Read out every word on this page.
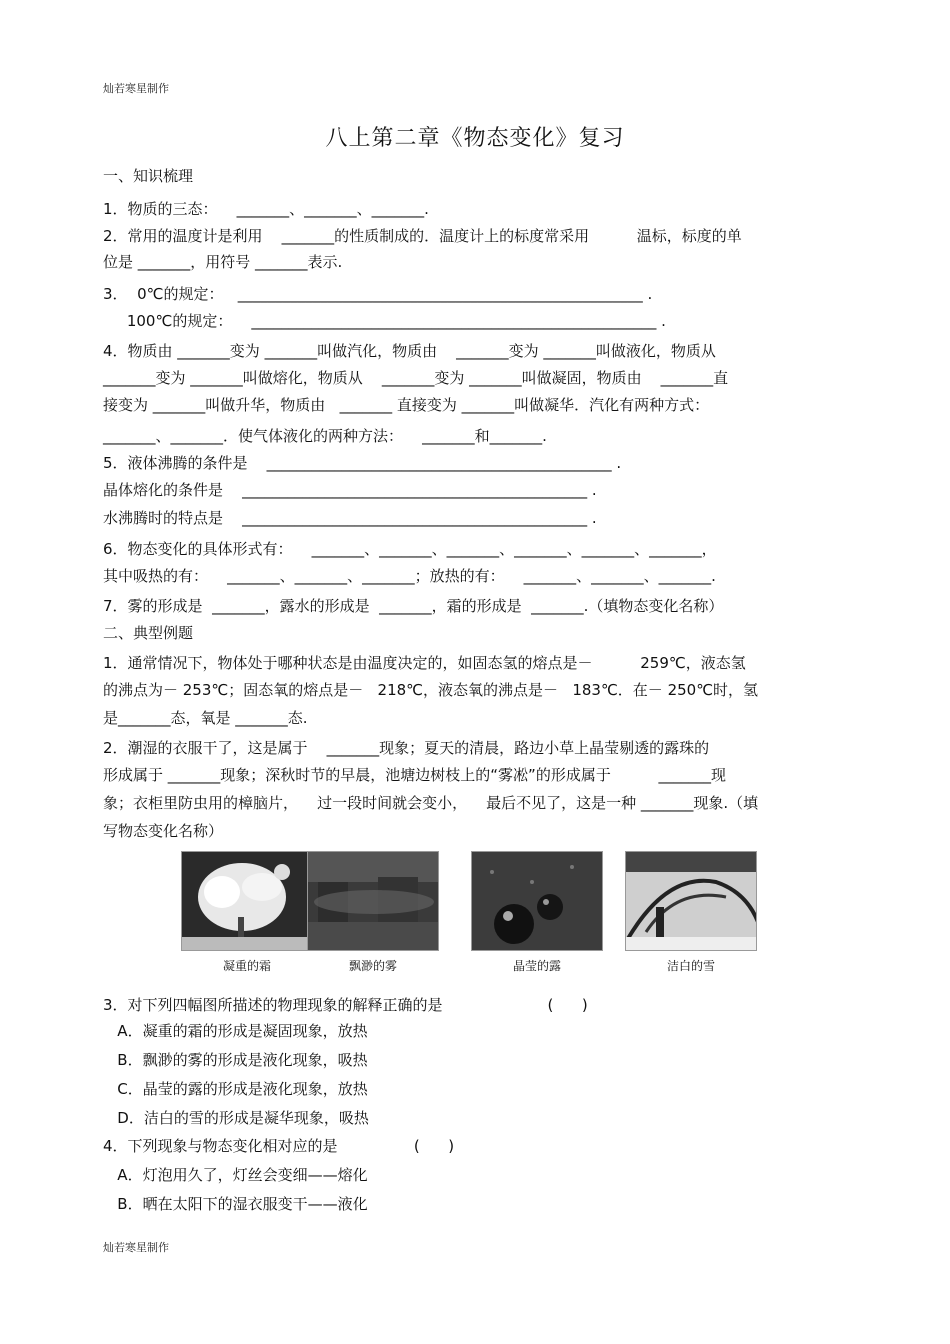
灿若寒星制作
八上第二章《物态变化》复习
一、知识梳理
1．物质的三态：    _______、_______、_______.
2．常用的温度计是利用    _______的性质制成的．温度计上的标度常采用          温标，标度的单
位是 _______，用符号 _______表示.
3．  0℃的规定：   ______________________________________________________ .
100℃的规定：    ______________________________________________________ .
4．物质由 _______变为 _______叫做汽化，物质由    _______变为 _______叫做液化，物质从
_______变为 _______叫做熔化，物质从    _______变为 _______叫做凝固，物质由    _______直
接变为 _______叫做升华，物质由   _______ 直接变为 _______叫做凝华．汽化有两种方式：
_______、_______．使气体液化的两种方法：    _______和_______.
5．液体沸腾的条件是    ______________________________________________ .
晶体熔化的条件是    ______________________________________________ .
水沸腾时的特点是    ______________________________________________ .
6．物态变化的具体形式有：    _______、_______、_______、_______、_______、_______，
其中吸热的有：    _______、_______、_______；放热的有：    _______、_______、_______.
7．雾的形成是  _______，露水的形成是  _______，霜的形成是  _______.（填物态变化名称）
二、典型例题
1．通常情况下，物体处于哪种状态是由温度决定的，如固态氢的熔点是－          259℃，液态氢
的沸点为－ 253℃；固态氧的熔点是－   218℃，液态氧的沸点是－   183℃．在－ 250℃时，氢
是_______态，氧是 _______态.
2．潮湿的衣服干了，这是属于    _______现象；夏天的清晨，路边小草上晶莹剔透的露珠的
形成属于 _______现象；深秋时节的早晨，池塘边树枝上的“雾凇”的形成属于          _______现
象；衣柜里防虫用的樟脑片，    过一段时间就会变小，    最后不见了，这是一种 _______现象.（填
写物态变化名称）
凝重的霜	飘渺的雾	晶莹的露	洁白的雪
3．对下列四幅图所描述的物理现象的解释正确的是                      (      )
A．凝重的霜的形成是凝固现象，放热
B．飘渺的雾的形成是液化现象，吸热
C．晶莹的露的形成是液化现象，放热
D．洁白的雪的形成是凝华现象，吸热
4．下列现象与物态变化相对应的是                (      )
A．灯泡用久了，灯丝会变细——熔化
B．晒在太阳下的湿衣服变干——液化
灿若寒星制作
